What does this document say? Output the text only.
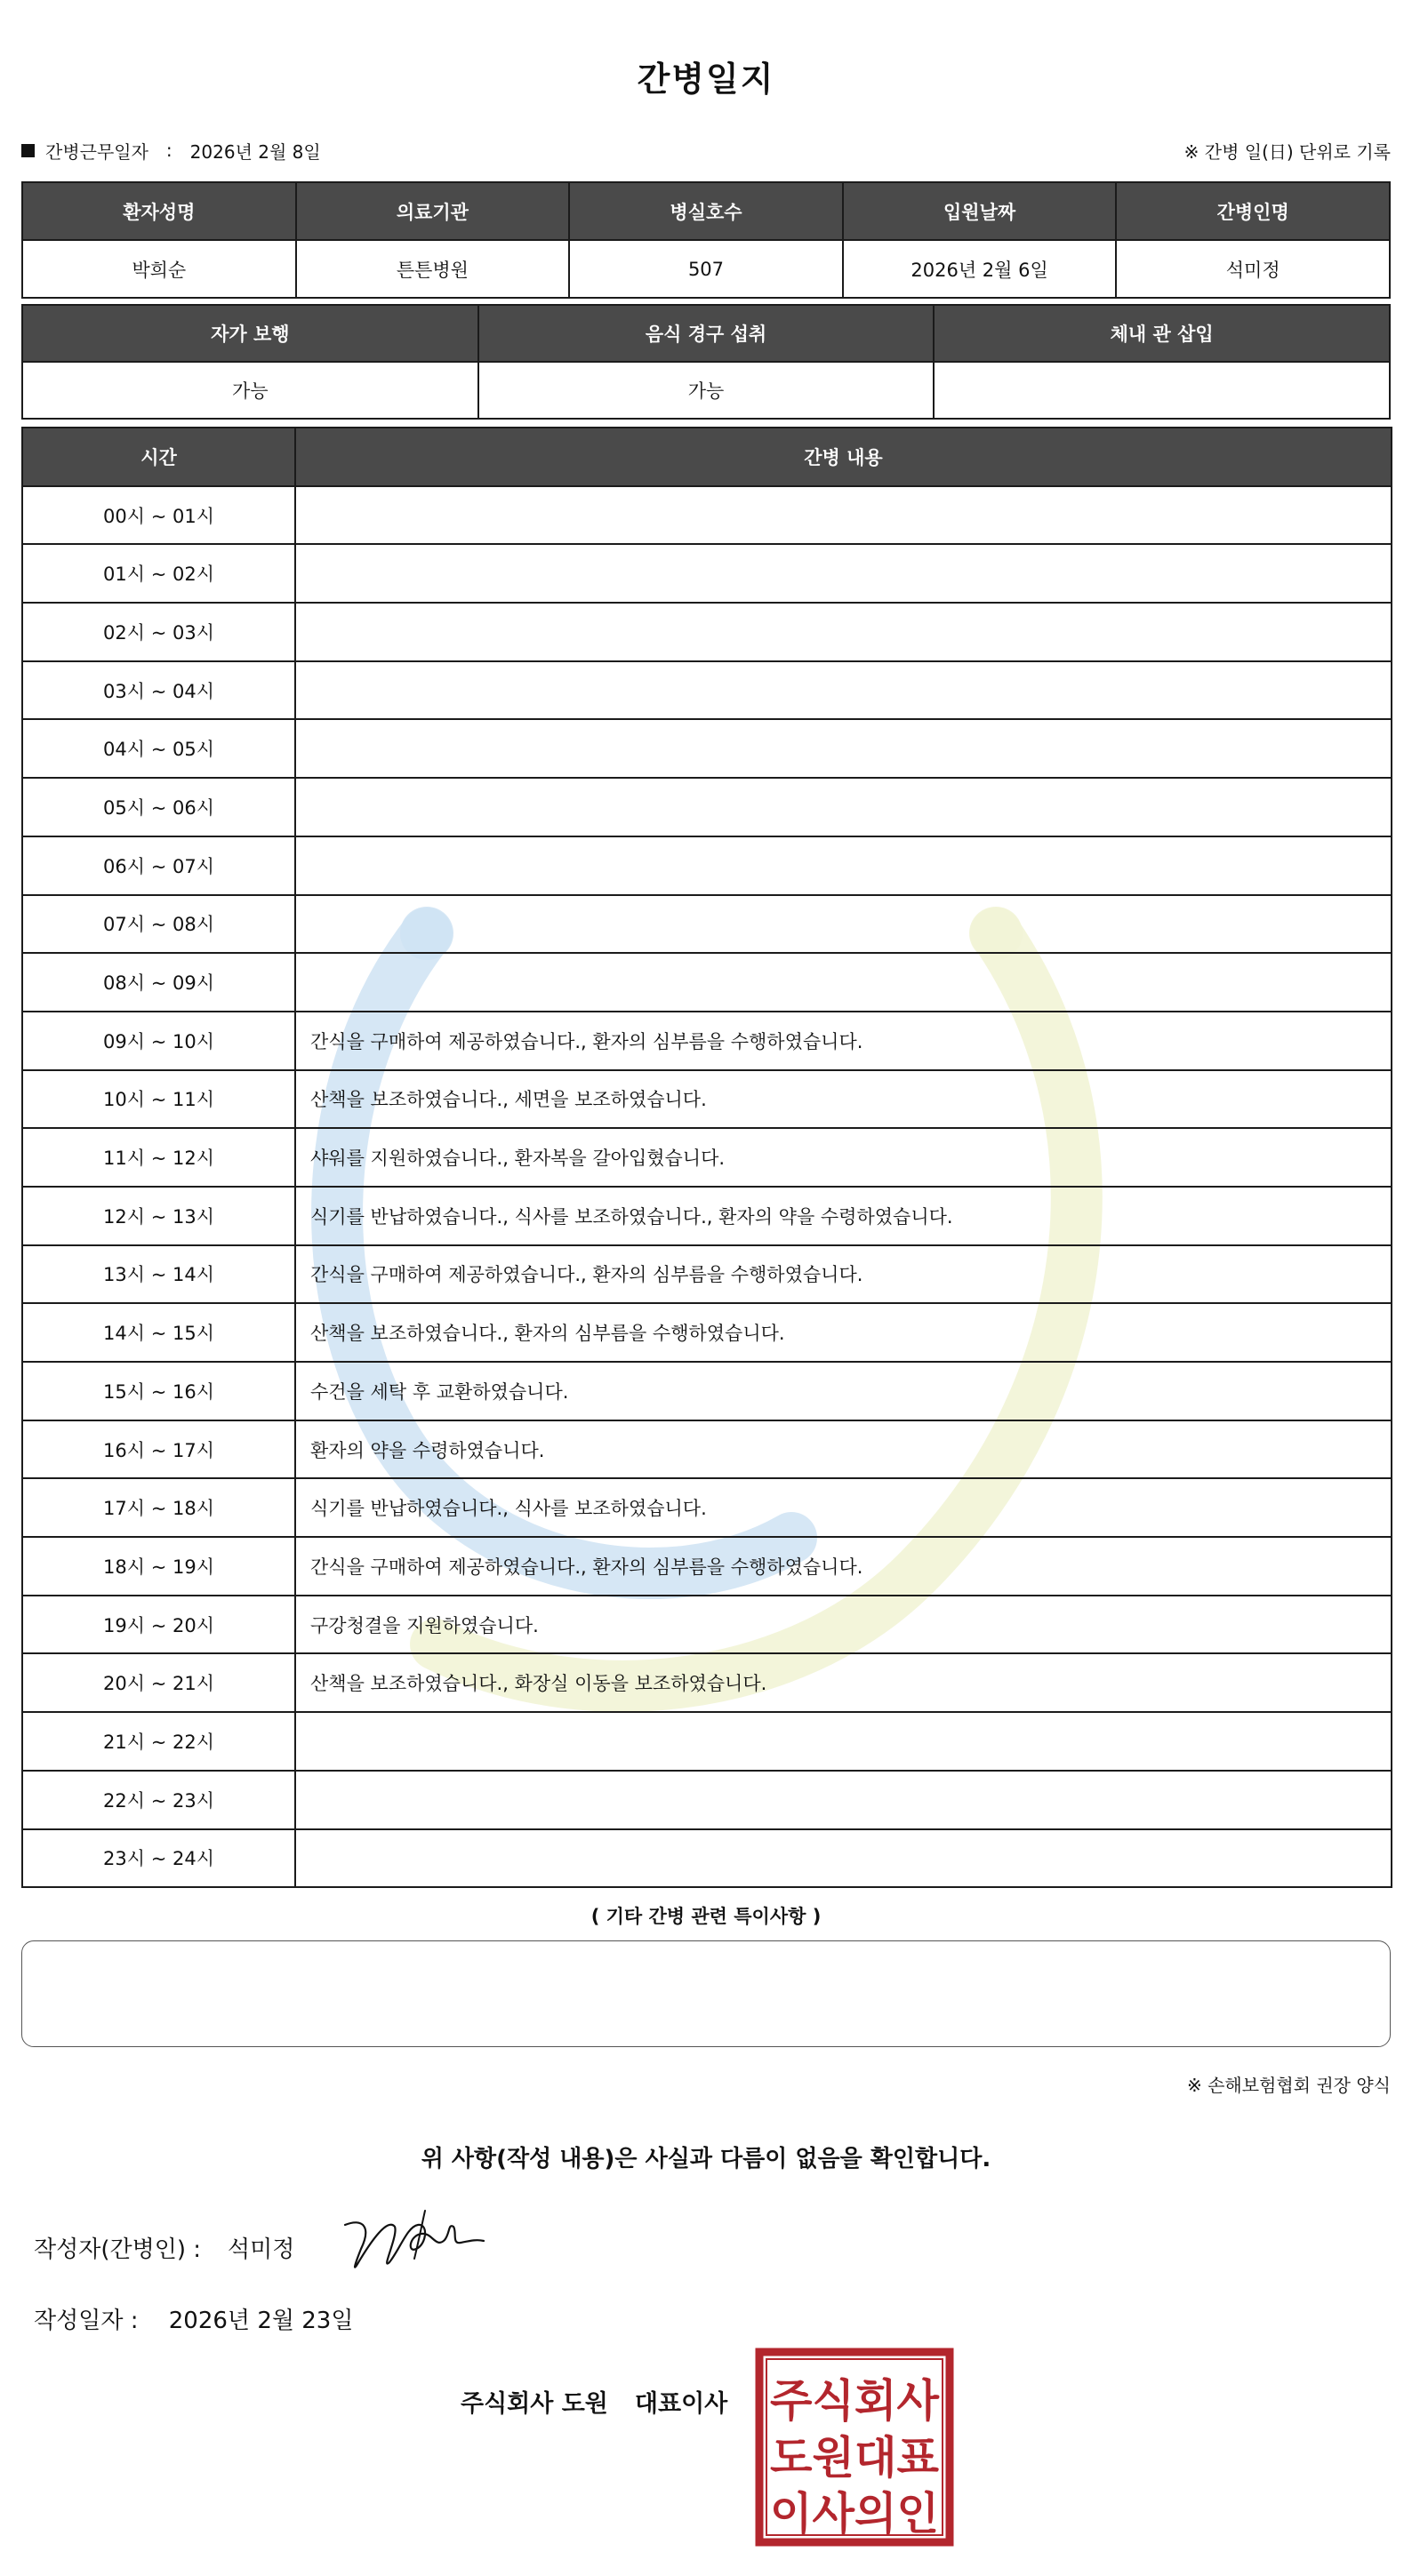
간병일지
간병근무일자 : 2026년 2월 8일	※ 간병 일(日) 단위로 기록
환자성명	의료기관	병실호수	입원날짜	간병인명
박희순	튼튼병원	507	2026년 2월 6일	석미정
자가 보행	음식 경구 섭취	체내 관 삽입
가능	가능	
시간	간병 내용
00시 ~ 01시	
01시 ~ 02시	
02시 ~ 03시	
03시 ~ 04시	
04시 ~ 05시	
05시 ~ 06시	
06시 ~ 07시	
07시 ~ 08시	
08시 ~ 09시	
09시 ~ 10시	간식을 구매하여 제공하였습니다., 환자의 심부름을 수행하였습니다.
10시 ~ 11시	산책을 보조하였습니다., 세면을 보조하였습니다.
11시 ~ 12시	샤워를 지원하였습니다., 환자복을 갈아입혔습니다.
12시 ~ 13시	식기를 반납하였습니다., 식사를 보조하였습니다., 환자의 약을 수령하였습니다.
13시 ~ 14시	간식을 구매하여 제공하였습니다., 환자의 심부름을 수행하였습니다.
14시 ~ 15시	산책을 보조하였습니다., 환자의 심부름을 수행하였습니다.
15시 ~ 16시	수건을 세탁 후 교환하였습니다.
16시 ~ 17시	환자의 약을 수령하였습니다.
17시 ~ 18시	식기를 반납하였습니다., 식사를 보조하였습니다.
18시 ~ 19시	간식을 구매하여 제공하였습니다., 환자의 심부름을 수행하였습니다.
19시 ~ 20시	구강청결을 지원하였습니다.
20시 ~ 21시	산책을 보조하였습니다., 화장실 이동을 보조하였습니다.
21시 ~ 22시	
22시 ~ 23시	
23시 ~ 24시	
( 기타 간병 관련 특이사항 )
※ 손해보험협회 권장 양식
위 사항(작성 내용)은 사실과 다름이 없음을 확인합니다.
작성자(간병인) : 석미정
작성일자 : 2026년 2월 23일
주식회사 도원 대표이사 주식회사
도원대표
이사의인
